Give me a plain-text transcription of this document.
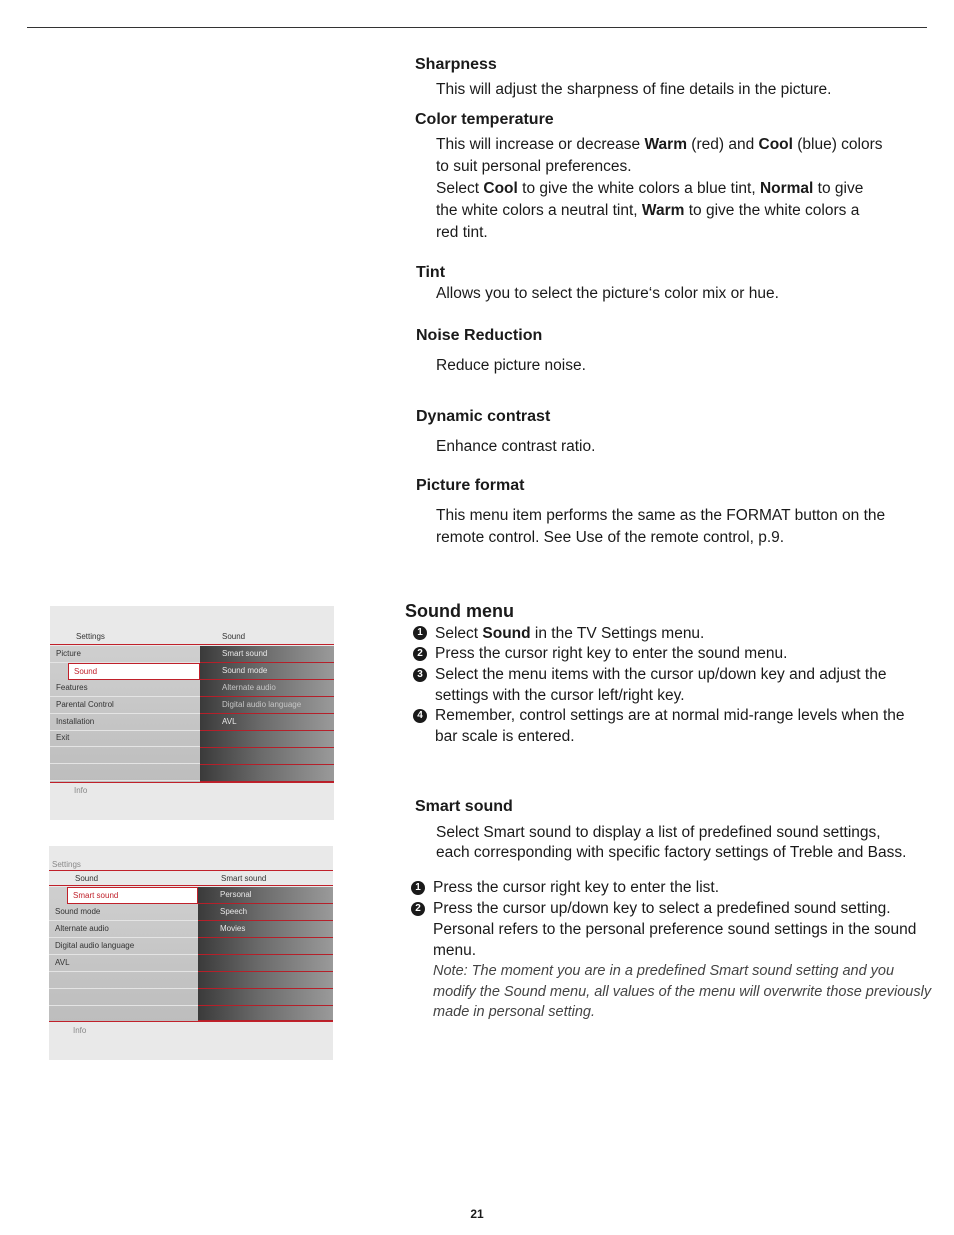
Sharpness
This will adjust the sharpness of fine details in the picture.
Color temperature
This will increase or decrease Warm (red) and Cool (blue) colors
to suit personal preferences.
Select Cool to give the white colors a blue tint, Normal to give
the white colors a neutral tint, Warm to give the white colors a
red tint.
Tint
Allows you to select the picture‘s color mix or hue.
Noise Reduction
Reduce picture noise.
Dynamic contrast
Enhance contrast ratio.
Picture format
This menu item performs the same as the FORMAT button on the
remote control. See Use of the remote control, p.9.
Sound menu
1 Select Sound in the TV Settings menu.
2 Press the cursor right key to enter the sound menu.
3 Select the menu items with the cursor up/down key and adjust the
settings with the cursor left/right key.
4 Remember, control settings are at normal mid-range levels when the
bar scale is entered.
Smart sound
Select Smart sound to display a list of predefined sound settings,
each corresponding with specific factory settings of Treble and Bass.
1 Press the cursor right key to enter the list.
2 Press the cursor up/down key to select a predefined sound setting.
Personal refers to the personal preference sound settings in the sound
menu.
Note: The moment you are in a predefined Smart sound setting and you
modify the Sound menu, all values of the menu will overwrite those previously
made in personal setting.
Settings	Sound
Picture
Sound
Features
Parental Control
Installation
Exit
Smart sound
Sound mode
Alternate audio
Digital audio language
AVL
Info
Settings
Sound	Smart sound
Smart sound
Sound mode
Alternate audio
Digital audio language
AVL
Personal
Speech
Movies
Info
21
